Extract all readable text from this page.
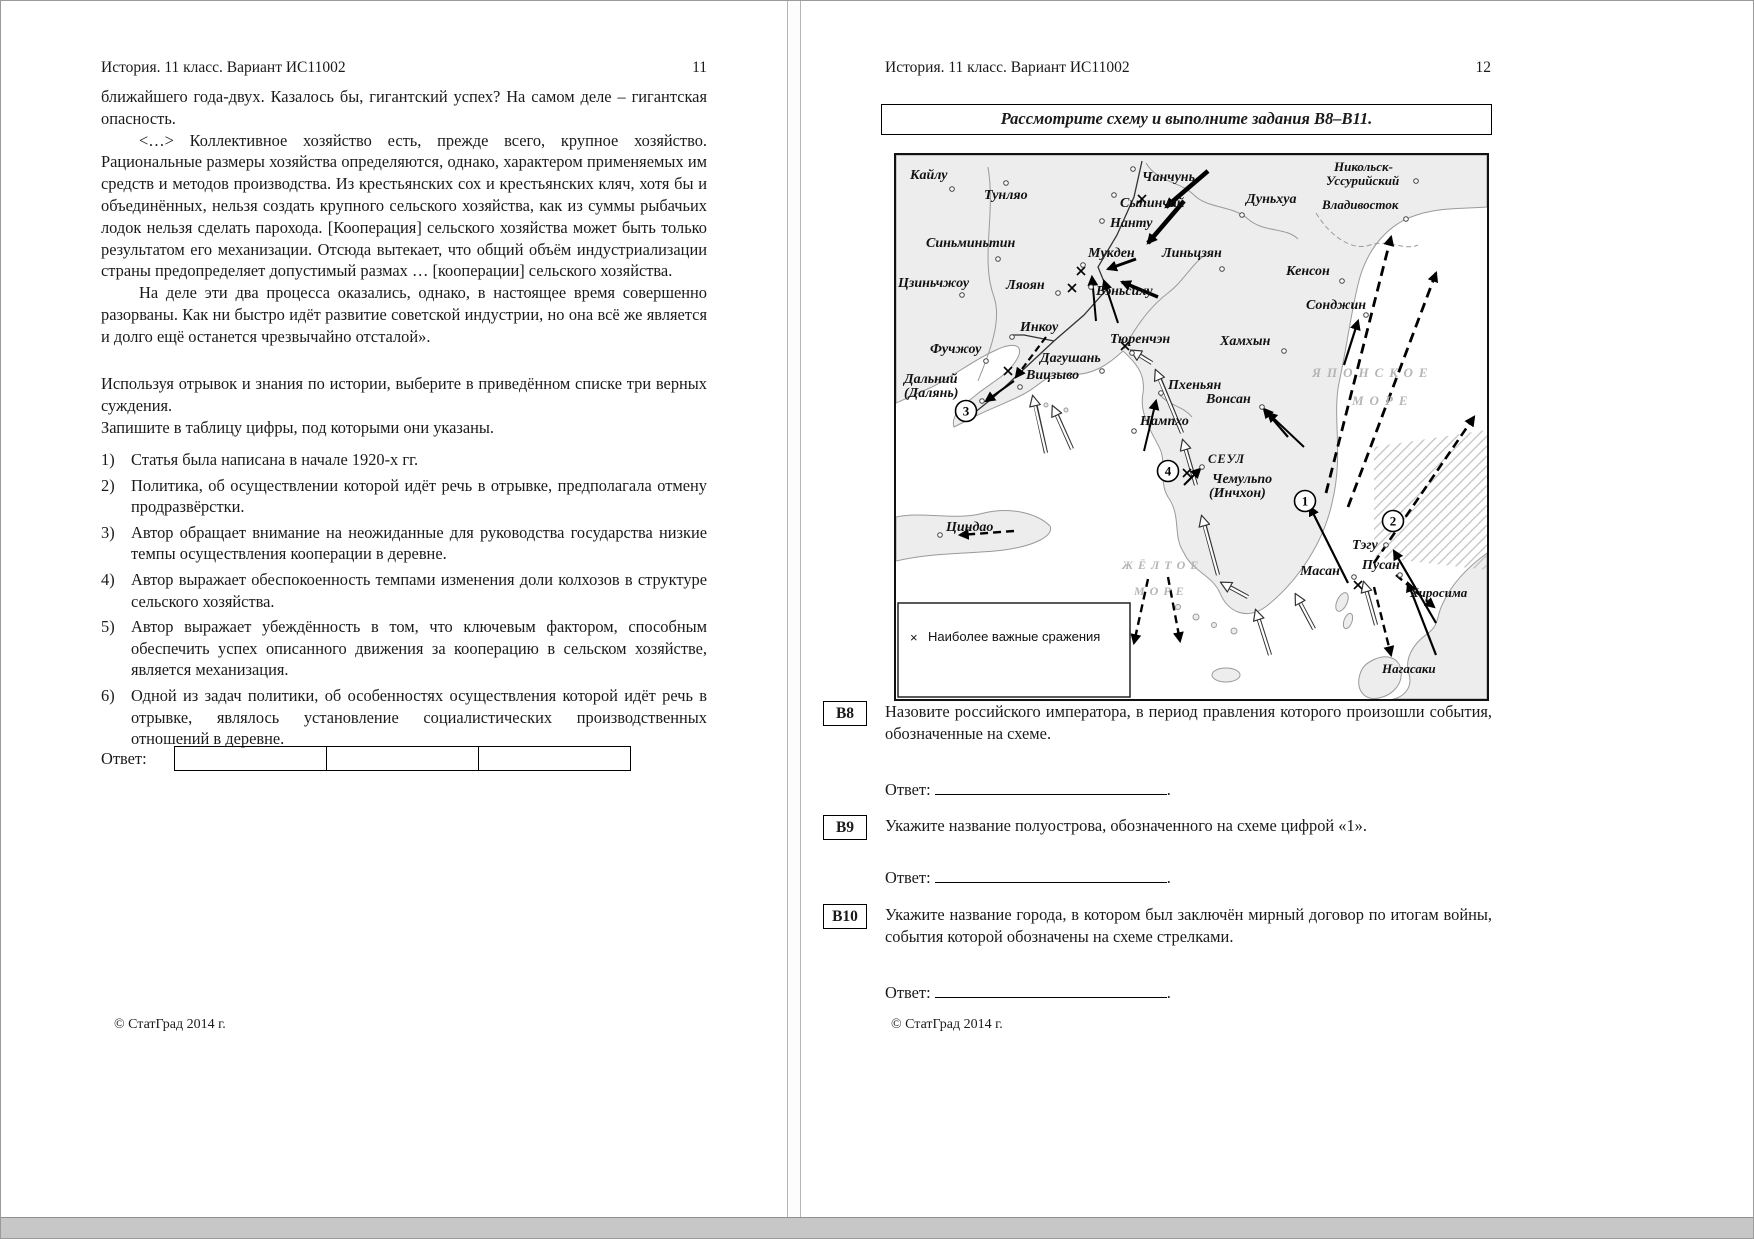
История. 11 класс. Вариант ИС11002	11
ближайшего года-двух. Казалось бы, гигантский успех? На самом деле – гигантская опасность.
<…> Коллективное хозяйство есть, прежде всего, крупное хозяйство. Рациональные размеры хозяйства определяются, однако, характером применяемых им средств и методов производства. Из крестьянских сох и крестьянских кляч, хотя бы и объединённых, нельзя создать крупного сельского хозяйства, как из суммы рыбачьих лодок нельзя сделать парохода. [Кооперация] сельского хозяйства может быть только результатом его механизации. Отсюда вытекает, что общий объём индустриализации страны предопределяет допустимый размах … [кооперации] сельского хозяйства.
На деле эти два процесса оказались, однако, в настоящее время совершенно разорваны. Как ни быстро идёт развитие советской индустрии, но она всё же является и долго ещё останется чрезвычайно отсталой».
Используя отрывок и знания по истории, выберите в приведённом списке три верных суждения.
Запишите в таблицу цифры, под которыми они указаны.
1) Статья была написана в начале 1920-х гг.
2) Политика, об осуществлении которой идёт речь в отрывке, предполагала отмену продразвёрстки.
3) Автор обращает внимание на неожиданные для руководства государства низкие темпы осуществления кооперации в деревне.
4) Автор выражает обеспокоенность темпами изменения доли колхозов в структуре сельского хозяйства.
5) Автор выражает убеждённость в том, что ключевым фактором, способным обеспечить успех описанного движения за кооперацию в сельском хозяйстве, является механизация.
6) Одной из задач политики, об особенностях осуществления которой идёт речь в отрывке, являлось установление социалистических производственных отношений в деревне.
Ответ:
© СтатГрад 2014 г.
История. 11 класс. Вариант ИС11002	12
Рассмотрите схему и выполните задания В8–В11.
Кайлу
Тунляо
Чанчунь
Сыпинчай
Нанту
Дуньхуа
Никольск-
Уссурийский
Владивосток
Синьминьтин
Мукден Линьцзян
Кенсон
Цзиньчжоу	Ляоян	Вэньсиху
Сонджин
Инкоу
Тюренчэн	Хамхын
Фучжоу
Дагушань
Вицзыво
Дальний
(Далянь)
Пхеньян
Вонсан
Нампхо
СЕУЛ
Чемульпо
(Инчхон)
Циндао
Тэгу
Масан Пусан
Хиросима
Нагасаки
ЯПОНСКОЕ
МОРЕ
ЖЁЛТОЕ
МОРЕ
1
2
3
4
× Наиболее важные сражения
В8	Назовите российского императора, в период правления которого произошли события, обозначенные на схеме.
Ответ:	.
В9	Укажите название полуострова, обозначенного на схеме цифрой «1».
Ответ:	.
В10	Укажите название города, в котором был заключён мирный договор по итогам войны, события которой обозначены на схеме стрелками.
Ответ:	.
© СтатГрад 2014 г.
